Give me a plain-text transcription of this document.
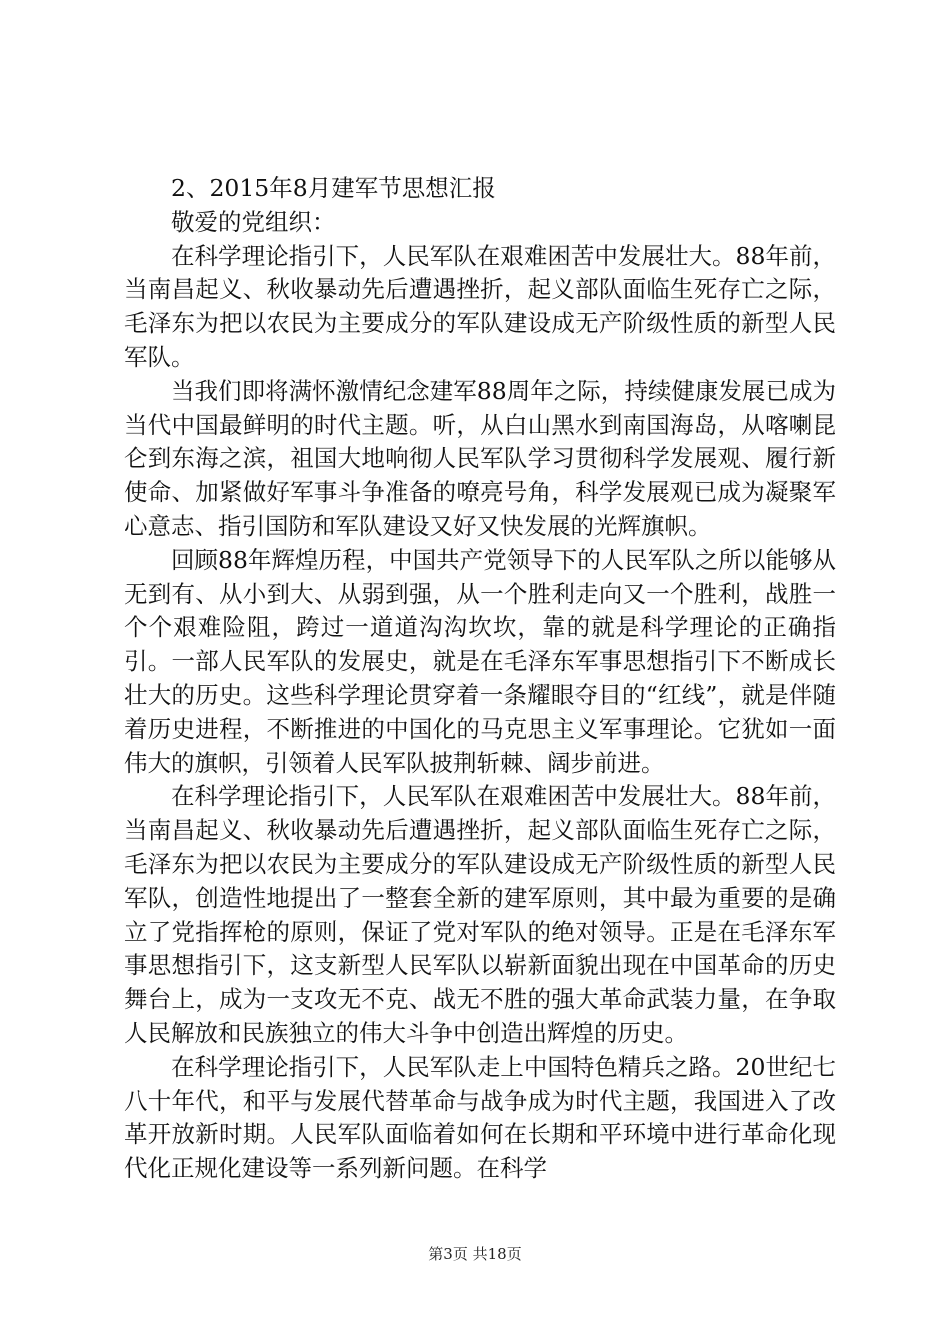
2、2015年8月建军节思想汇报

敬爱的党组织：

在科学理论指引下，人民军队在艰难困苦中发展壮大。88年前，当南昌起义、秋收暴动先后遭遇挫折，起义部队面临生死存亡之际，毛泽东为把以农民为主要成分的军队建设成无产阶级性质的新型人民军队。

当我们即将满怀激情纪念建军88周年之际，持续健康发展已成为当代中国最鲜明的时代主题。听，从白山黑水到南国海岛，从喀喇昆仑到东海之滨，祖国大地响彻人民军队学习贯彻科学发展观、履行新使命、加紧做好军事斗争准备的嘹亮号角，科学发展观已成为凝聚军心意志、指引国防和军队建设又好又快发展的光辉旗帜。

回顾88年辉煌历程，中国共产党领导下的人民军队之所以能够从无到有、从小到大、从弱到强，从一个胜利走向又一个胜利，战胜一个个艰难险阻，跨过一道道沟沟坎坎，靠的就是科学理论的正确指引。一部人民军队的发展史，就是在毛泽东军事思想指引下不断成长壮大的历史。这些科学理论贯穿着一条耀眼夺目的“红线”，就是伴随着历史进程，不断推进的中国化的马克思主义军事理论。它犹如一面伟大的旗帜，引领着人民军队披荆斩棘、阔步前进。

在科学理论指引下，人民军队在艰难困苦中发展壮大。88年前，当南昌起义、秋收暴动先后遭遇挫折，起义部队面临生死存亡之际，毛泽东为把以农民为主要成分的军队建设成无产阶级性质的新型人民军队，创造性地提出了一整套全新的建军原则，其中最为重要的是确立了党指挥枪的原则，保证了党对军队的绝对领导。正是在毛泽东军事思想指引下，这支新型人民军队以崭新面貌出现在中国革命的历史舞台上，成为一支攻无不克、战无不胜的强大革命武装力量，在争取人民解放和民族独立的伟大斗争中创造出辉煌的历史。

在科学理论指引下，人民军队走上中国特色精兵之路。20世纪七八十年代，和平与发展代替革命与战争成为时代主题，我国进入了改革开放新时期。人民军队面临着如何在长期和平环境中进行革命化现代化正规化建设等一系列新问题。在科学

第3页 共18页
